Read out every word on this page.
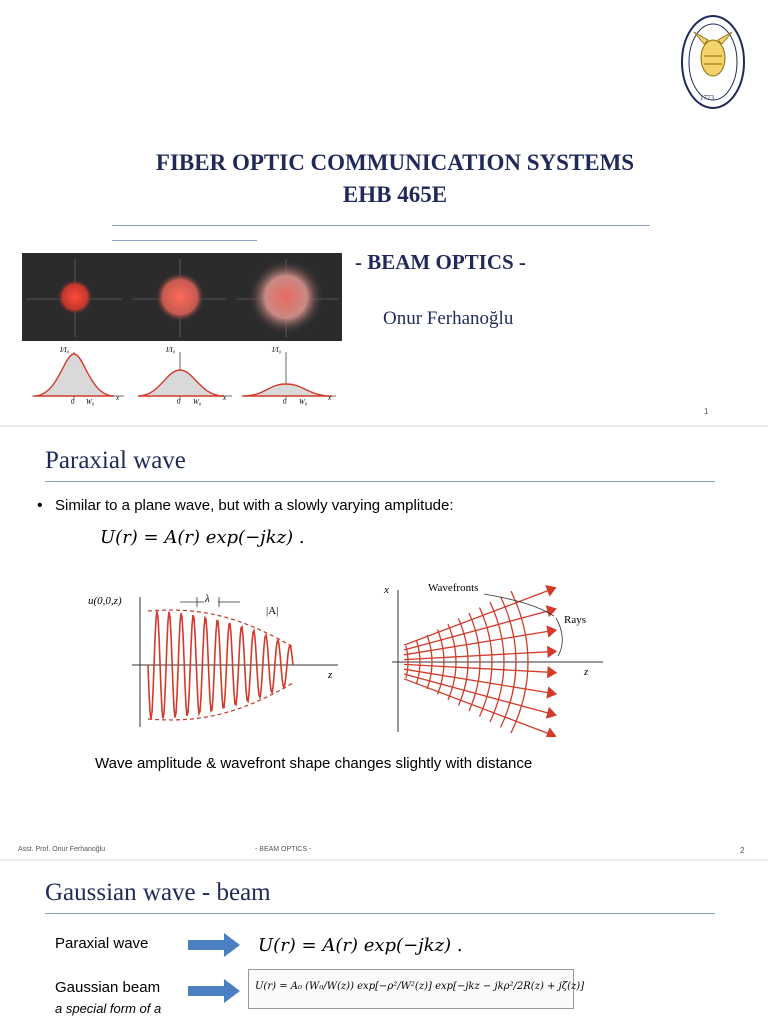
1773
FIBER OPTIC COMMUNICATION SYSTEMS
EHB 465E
I/I₀
0 W₀	x
I/I₀
0 W₀	x
I/I₀
0 W₀	x
- BEAM OPTICS -
Onur Ferhanoğlu
1
Paraxial wave
• Similar to a plane wave, but with a slowly varying amplitude:
U(r) = A(r) exp(−jkz) .
u(0,0,z)	λ
|A|
z
x	Wavefronts
Rays
z
Wave amplitude & wavefront shape changes slightly with distance
Asst. Prof. Onur Ferhanoğlu	- BEAM OPTICS -	2
Gaussian wave - beam
Paraxial wave	U(r) = A(r) exp(−jkz) .
Gaussian beam
a special form of a
U(r) = A₀ (W₀/W(z)) exp[−ρ²/W²(z)] exp[−jkz − jkρ²/2R(z) + jζ(z)]
